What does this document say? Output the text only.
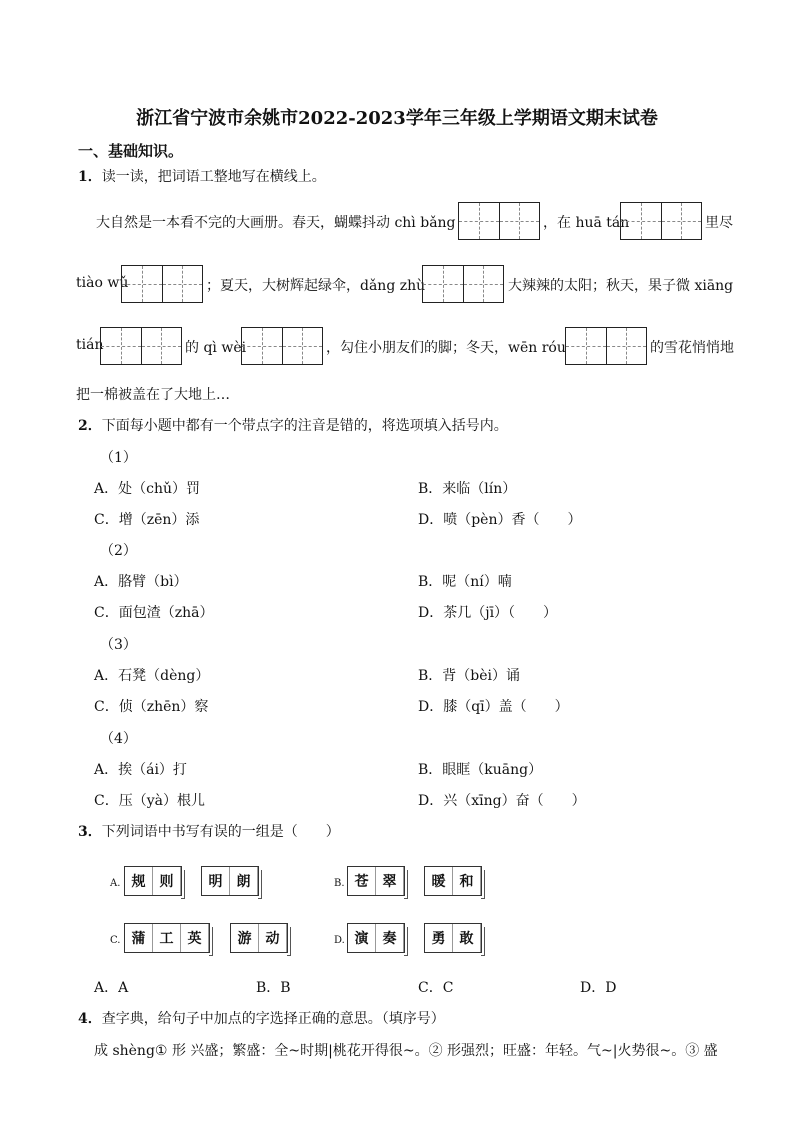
浙江省宁波市余姚市2022-2023学年三年级上学期语文期末试卷
一、基础知识。
1．读一读，把词语工整地写在横线上。
大自然是一本看不完的大画册。春天，蝴蝶抖动 chì bǎng	，在 huā tán	里尽
tiào wǔ	；夏天，大树辉起绿伞，dǎng zhù	大辣辣的太阳；秋天，果子微 xiāng
tián	的 qì wèi	，勾住小朋友们的脚；冬天，wēn róu	的雪花悄悄地
把一棉被盖在了大地上…
2．下面每小题中都有一个带点字的注音是错的，将选项填入括号内。
（1）
A．处（chǔ）罚	B．来临（lín）
C．增（zēn）添	D．喷（pèn）香（　　）
（2）
A．胳臂（bì）	B．呢（ní）喃
C．面包渣（zhā）	D．茶几（jī）（　　）
（3）
A．石凳（dèng）	B．背（bèi）诵
C．侦（zhēn）察	D．膝（qī）盖（　　）
（4）
A．挨（ái）打	B．眼眶（kuāng）
C．压（yà）根儿	D．兴（xīng）奋（　　）
3．下列词语中书写有误的一组是（　　）
A. 规	则	明	朗	B. 苍	翠	暖	和
C. 蒲	工	英	游	动	D. 演	奏	勇	敢
A．A	B．B	C．C	D．D
4．查字典，给句子中加点的字选择正确的意思。（填序号）
成 shèng① 形 兴盛；繁盛：全~时期|桃花开得很~。② 形强烈；旺盛：年轻。气~|火势很~。③ 盛
